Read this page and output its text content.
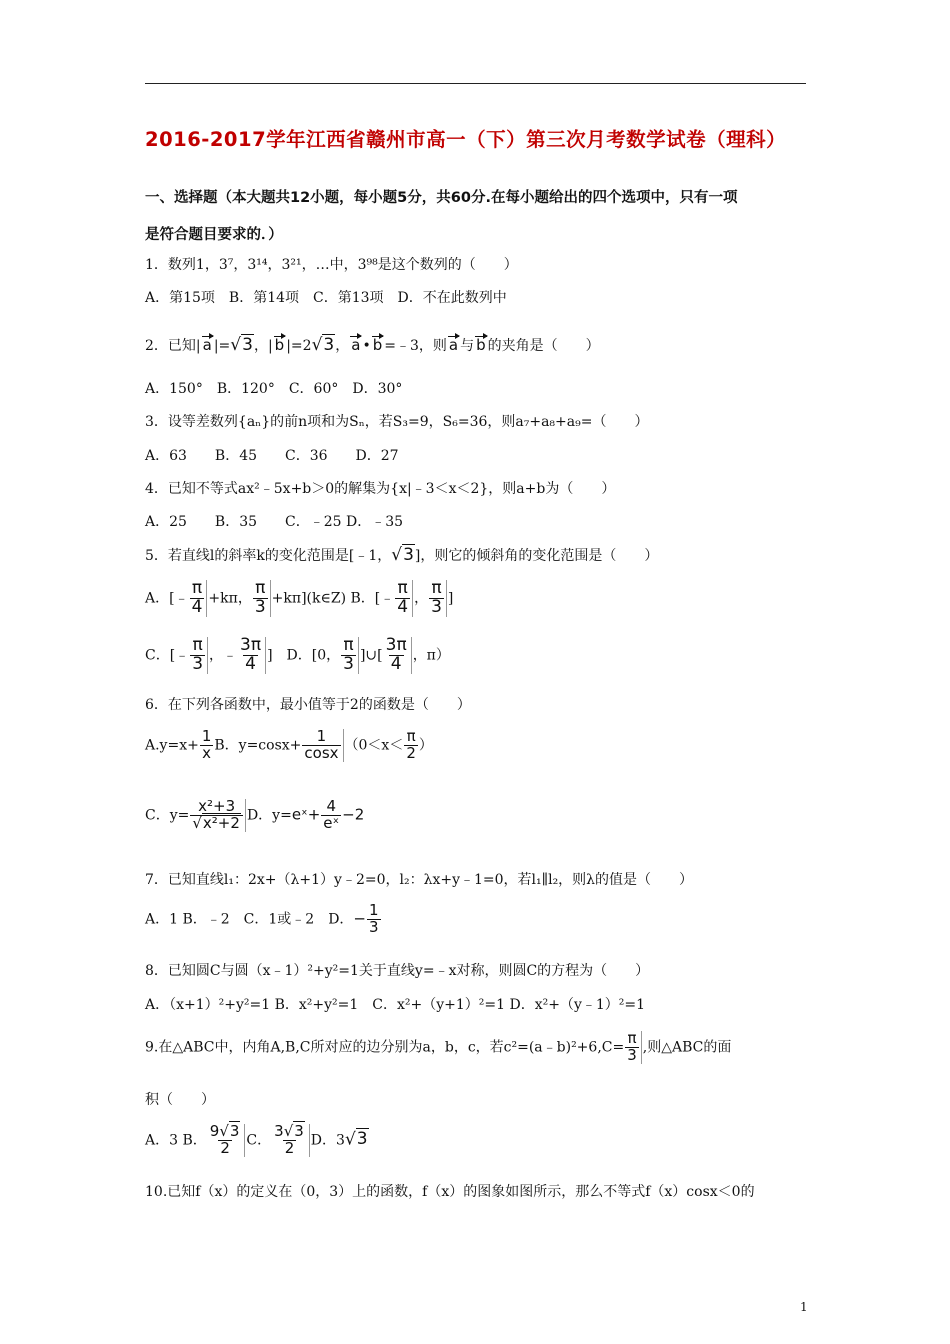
2016-2017学年江西省赣州市高一（下）第三次月考数学试卷（理科）
一、选择题（本大题共12小题，每小题5分，共60分.在每小题给出的四个选项中，只有一项
是符合题目要求的．）
1．数列1，3⁷，3¹⁴，3²¹，…中，3⁹⁸是这个数列的（　　）
A．第15项　B．第14项　C．第13项　D．不在此数列中
2．已知| a |=√3，| b |=2√3， a • b =﹣3，则 a 与 b 的夹角是（　　）
A．150°　B．120°　C．60°　D．30°
3．设等差数列{aₙ}的前n项和为Sₙ，若S₃=9，S₆=36，则a₇+a₈+a₉=（　　）
A．63　　B．45　　C．36　　D．27
4．已知不等式ax²﹣5x+b＞0的解集为{x|﹣3＜x＜2}，则a+b为（　　）
A．25　　B．35　　C．﹣25 D．﹣35
5．若直线l的斜率k的变化范围是[﹣1，√3]，则它的倾斜角的变化范围是（　　）
A．[﹣ $\frac{\pi}{4} +k\pi$， $\frac{\pi}{3}$ +kπ](k∈Z) B．[﹣ $\frac{\pi}{4}$ ， $\frac{\pi}{3}$ ]
C．[﹣ $\frac{\pi}{3}$ ，﹣ $\frac{3\pi}{4}$ ]　D．[0， $\frac{\pi}{3}$ ]∪[ $\frac{3\pi}{4}$ ，π）
6．在下列各函数中，最小值等于2的函数是（　　）
$A.y=x+ \frac{1}{x}$ B．$y=\cos x+ \frac{1}{\cos x} (0<x< \frac{\pi}{2}$ ）
C．$y= \frac{\text{x²+3}}{\text{√x²+2}}$ D．y=eˣ+ $\frac{4}{\text{eˣ}} -2$
7．已知直线l₁：2x+（λ+1）y﹣2=0，l₂：λx+y﹣1=0，若l₁∥l₂，则λ的值是（　　）
A．1 B．﹣2　C．1或﹣2　D．− $\frac{1}{3}$
8．已知圆C与圆（x﹣1）²+y²=1关于直线y=﹣x对称，则圆C的方程为（　　）
A．（x+1）²+y²=1 B．x²+y²=1　C．x²+（y+1）²=1 D．x²+（y﹣1）²=1
9.在△ABC中，内角A,B,C所对应的边分别为a，b，c，若c²=(a﹣b)²+6,C= $\frac{\pi}{3}$ ,则△ABC的面
积（　　）
A．3 B． $\frac{9√3}{2}$ C． $\frac{3√3}{2}$ D．3√3
10.已知f（x）的定义在（0，3）上的函数，f（x）的图象如图所示，那么不等式f（x）cosx＜0的
1
